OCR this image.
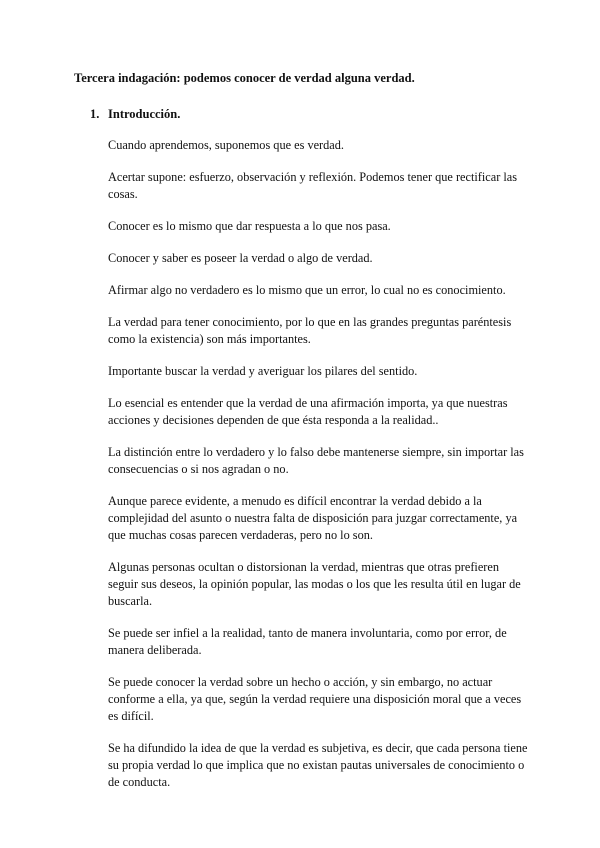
Tercera indagación: podemos conocer de verdad alguna verdad.

1. Introducción.

Cuando aprendemos, suponemos que es verdad.

Acertar supone: esfuerzo, observación y reflexión. Podemos tener que rectificar las cosas.

Conocer es lo mismo que dar respuesta a lo que nos pasa.

Conocer y saber es poseer la verdad o algo de verdad.

Afirmar algo no verdadero es lo mismo que un error, lo cual no es conocimiento.

La verdad para tener conocimiento, por lo que en las grandes preguntas paréntesis como la existencia) son más importantes.

Importante buscar la verdad y averiguar los pilares del sentido.

Lo esencial es entender que la verdad de una afirmación importa, ya que nuestras acciones y decisiones dependen de que ésta responda a la realidad..

La distinción entre lo verdadero y lo falso debe mantenerse siempre, sin importar las consecuencias o si nos agradan o no.

Aunque parece evidente, a menudo es difícil encontrar la verdad debido a la complejidad del asunto o nuestra falta de disposición para juzgar correctamente, ya que muchas cosas parecen verdaderas, pero no lo son.

Algunas personas ocultan o distorsionan la verdad, mientras que otras prefieren seguir sus deseos, la opinión popular, las modas o los que les resulta útil en lugar de buscarla.

Se puede ser infiel a la realidad, tanto de manera involuntaria, como por error, de manera deliberada.

Se puede conocer la verdad sobre un hecho o acción, y sin embargo, no actuar conforme a ella, ya que, según la verdad requiere una disposición moral que a veces es difícil.

Se ha difundido la idea de que la verdad es subjetiva, es decir, que cada persona tiene su propia verdad lo que implica que no existan pautas universales de conocimiento o de conducta.
